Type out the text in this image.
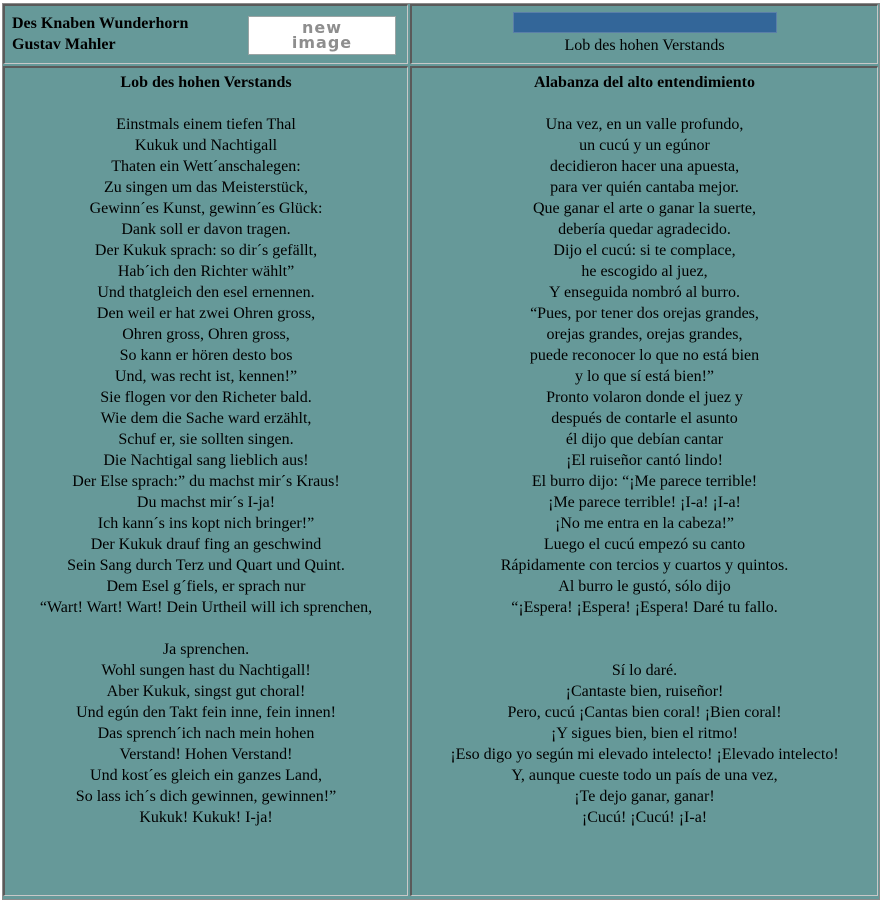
Des Knaben Wunderhorn
Gustav Mahler
new
image	Lob des hohen Verstands
Lob des hohen Verstands
Einstmals einem tiefen Thal
Kukuk und Nachtigall
Thaten ein Wett´anschalegen:
Zu singen um das Meisterstück,
Gewinn´es Kunst, gewinn´es Glück:
Dank soll er davon tragen.
Der Kukuk sprach: so dir´s gefällt,
Hab´ich den Richter wählt”
Und thatgleich den esel ernennen.
Den weil er hat zwei Ohren gross,
Ohren gross, Ohren gross,
So kann er hören desto bos
Und, was recht ist, kennen!”
Sie flogen vor den Richeter bald.
Wie dem die Sache ward erzählt,
Schuf er, sie sollten singen.
Die Nachtigal sang lieblich aus!
Der Else sprach:” du machst mir´s Kraus!
Du machst mir´s I-ja!
Ich kann´s ins kopt nich bringer!”
Der Kukuk drauf fing an geschwind
Sein Sang durch Terz und Quart und Quint.
Dem Esel g´fiels, er sprach nur
“Wart! Wart! Wart! Dein Urtheil will ich sprenchen,
Ja sprenchen.
Wohl sungen hast du Nachtigall!
Aber Kukuk, singst gut choral!
Und egún den Takt fein inne, fein innen!
Das sprench´ich nach mein hohen
Verstand! Hohen Verstand!
Und kost´es gleich ein ganzes Land,
So lass ich´s dich gewinnen, gewinnen!”
Kukuk! Kukuk! I-ja!
Alabanza del alto entendimiento
Una vez, en un valle profundo,
un cucú y un egúnor
decidieron hacer una apuesta,
para ver quién cantaba mejor.
Que ganar el arte o ganar la suerte,
debería quedar agradecido.
Dijo el cucú: si te complace,
he escogido al juez,
Y enseguida nombró al burro.
“Pues, por tener dos orejas grandes,
orejas grandes, orejas grandes,
puede reconocer lo que no está bien
y lo que sí está bien!”
Pronto volaron donde el juez y
después de contarle el asunto
él dijo que debían cantar
¡El ruiseñor cantó lindo!
El burro dijo: “¡Me parece terrible!
¡Me parece terrible! ¡I-a! ¡I-a!
¡No me entra en la cabeza!”
Luego el cucú empezó su canto
Rápidamente con tercios y cuartos y quintos.
Al burro le gustó, sólo dijo
“¡Espera! ¡Espera! ¡Espera! Daré tu fallo.
Sí lo daré.
¡Cantaste bien, ruiseñor!
Pero, cucú ¡Cantas bien coral! ¡Bien coral!
¡Y sigues bien, bien el ritmo!
¡Eso digo yo según mi elevado intelecto! ¡Elevado intelecto!
Y, aunque cueste todo un país de una vez,
¡Te dejo ganar, ganar!
¡Cucú! ¡Cucú! ¡I-a!
